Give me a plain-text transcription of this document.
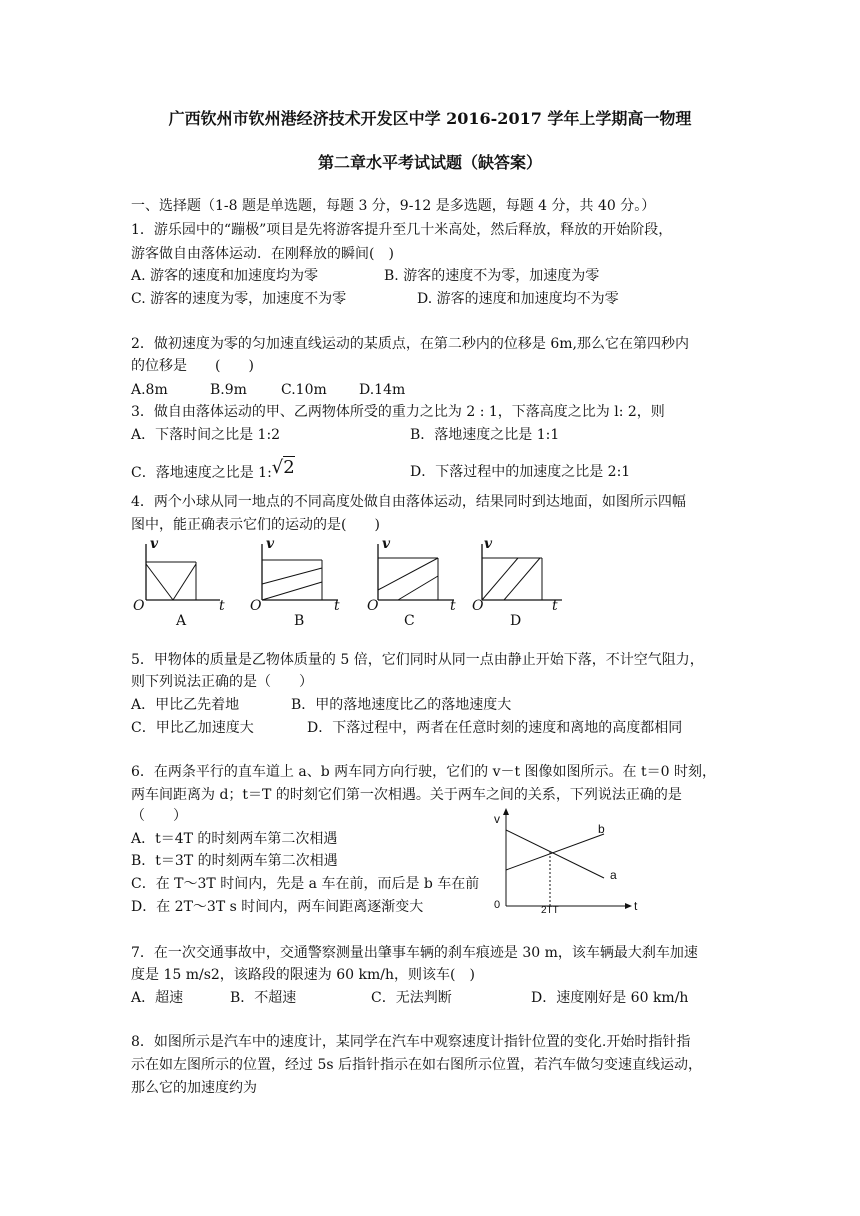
广西钦州市钦州港经济技术开发区中学 2016-2017 学年上学期高一物理
第二章水平考试试题（缺答案）
一、选择题（1-8 题是单选题，每题 3 分，9-12 是多选题，每题 4 分，共 40 分。）
1．游乐园中的“蹦极”项目是先将游客提升至几十米高处，然后释放，释放的开始阶段，
游客做自由落体运动．在刚释放的瞬间(　)
A. 游客的速度和加速度均为零	B. 游客的速度不为零，加速度为零
C. 游客的速度为零，加速度不为零	D. 游客的速度和加速度均不为零
2．做初速度为零的匀加速直线运动的某质点，在第二秒内的位移是 6m,那么它在第四秒内
的位移是　　(　　)
A.8m	B.9m C.10m D.14m
3．做自由落体运动的甲、乙两物体所受的重力之比为 2 : 1，下落高度之比为 l: 2，则
A．下落时间之比是 1:2	B．落地速度之比是 1:1
C．落地速度之比是 1:√2	D．下落过程中的加速度之比是 2:1
4．两个小球从同一地点的不同高度处做自由落体运动，结果同时到达地面，如图所示四幅
图中，能正确表示它们的运动的是(　　)
v
O	t
A
v
O	t
B
v
O	t
C
v
O	t
D
5．甲物体的质量是乙物体质量的 5 倍，它们同时从同一点由静止开始下落，不计空气阻力，
则下列说法正确的是（　　）
A．甲比乙先着地	B．甲的落地速度比乙的落地速度大
C．甲比乙加速度大	D．下落过程中，两者在任意时刻的速度和离地的高度都相同
6．在两条平行的直车道上 a、b 两车同方向行驶，它们的 v－t 图像如图所示。在 t＝0 时刻，
两车间距离为 d；t＝T 的时刻它们第一次相遇。关于两车之间的关系，下列说法正确的是
（　　）
A．t＝4T 的时刻两车第二次相遇
B．t＝3T 的时刻两车第二次相遇
C．在 T～3T 时间内，先是 a 车在前，而后是 b 车在前
D．在 2T～3T s 时间内，两车间距离逐渐变大
v
b
a
0	2TT	t
7．在一次交通事故中，交通警察测量出肇事车辆的刹车痕迹是 30 m，该车辆最大刹车加速
度是 15 m/s2，该路段的限速为 60 km/h，则该车(　)
A．超速	B．不超速	C．无法判断	D．速度刚好是 60 km/h
8．如图所示是汽车中的速度计，某同学在汽车中观察速度计指针位置的变化.开始时指针指
示在如左图所示的位置，经过 5s 后指针指示在如右图所示位置，若汽车做匀变速直线运动，
那么它的加速度约为
